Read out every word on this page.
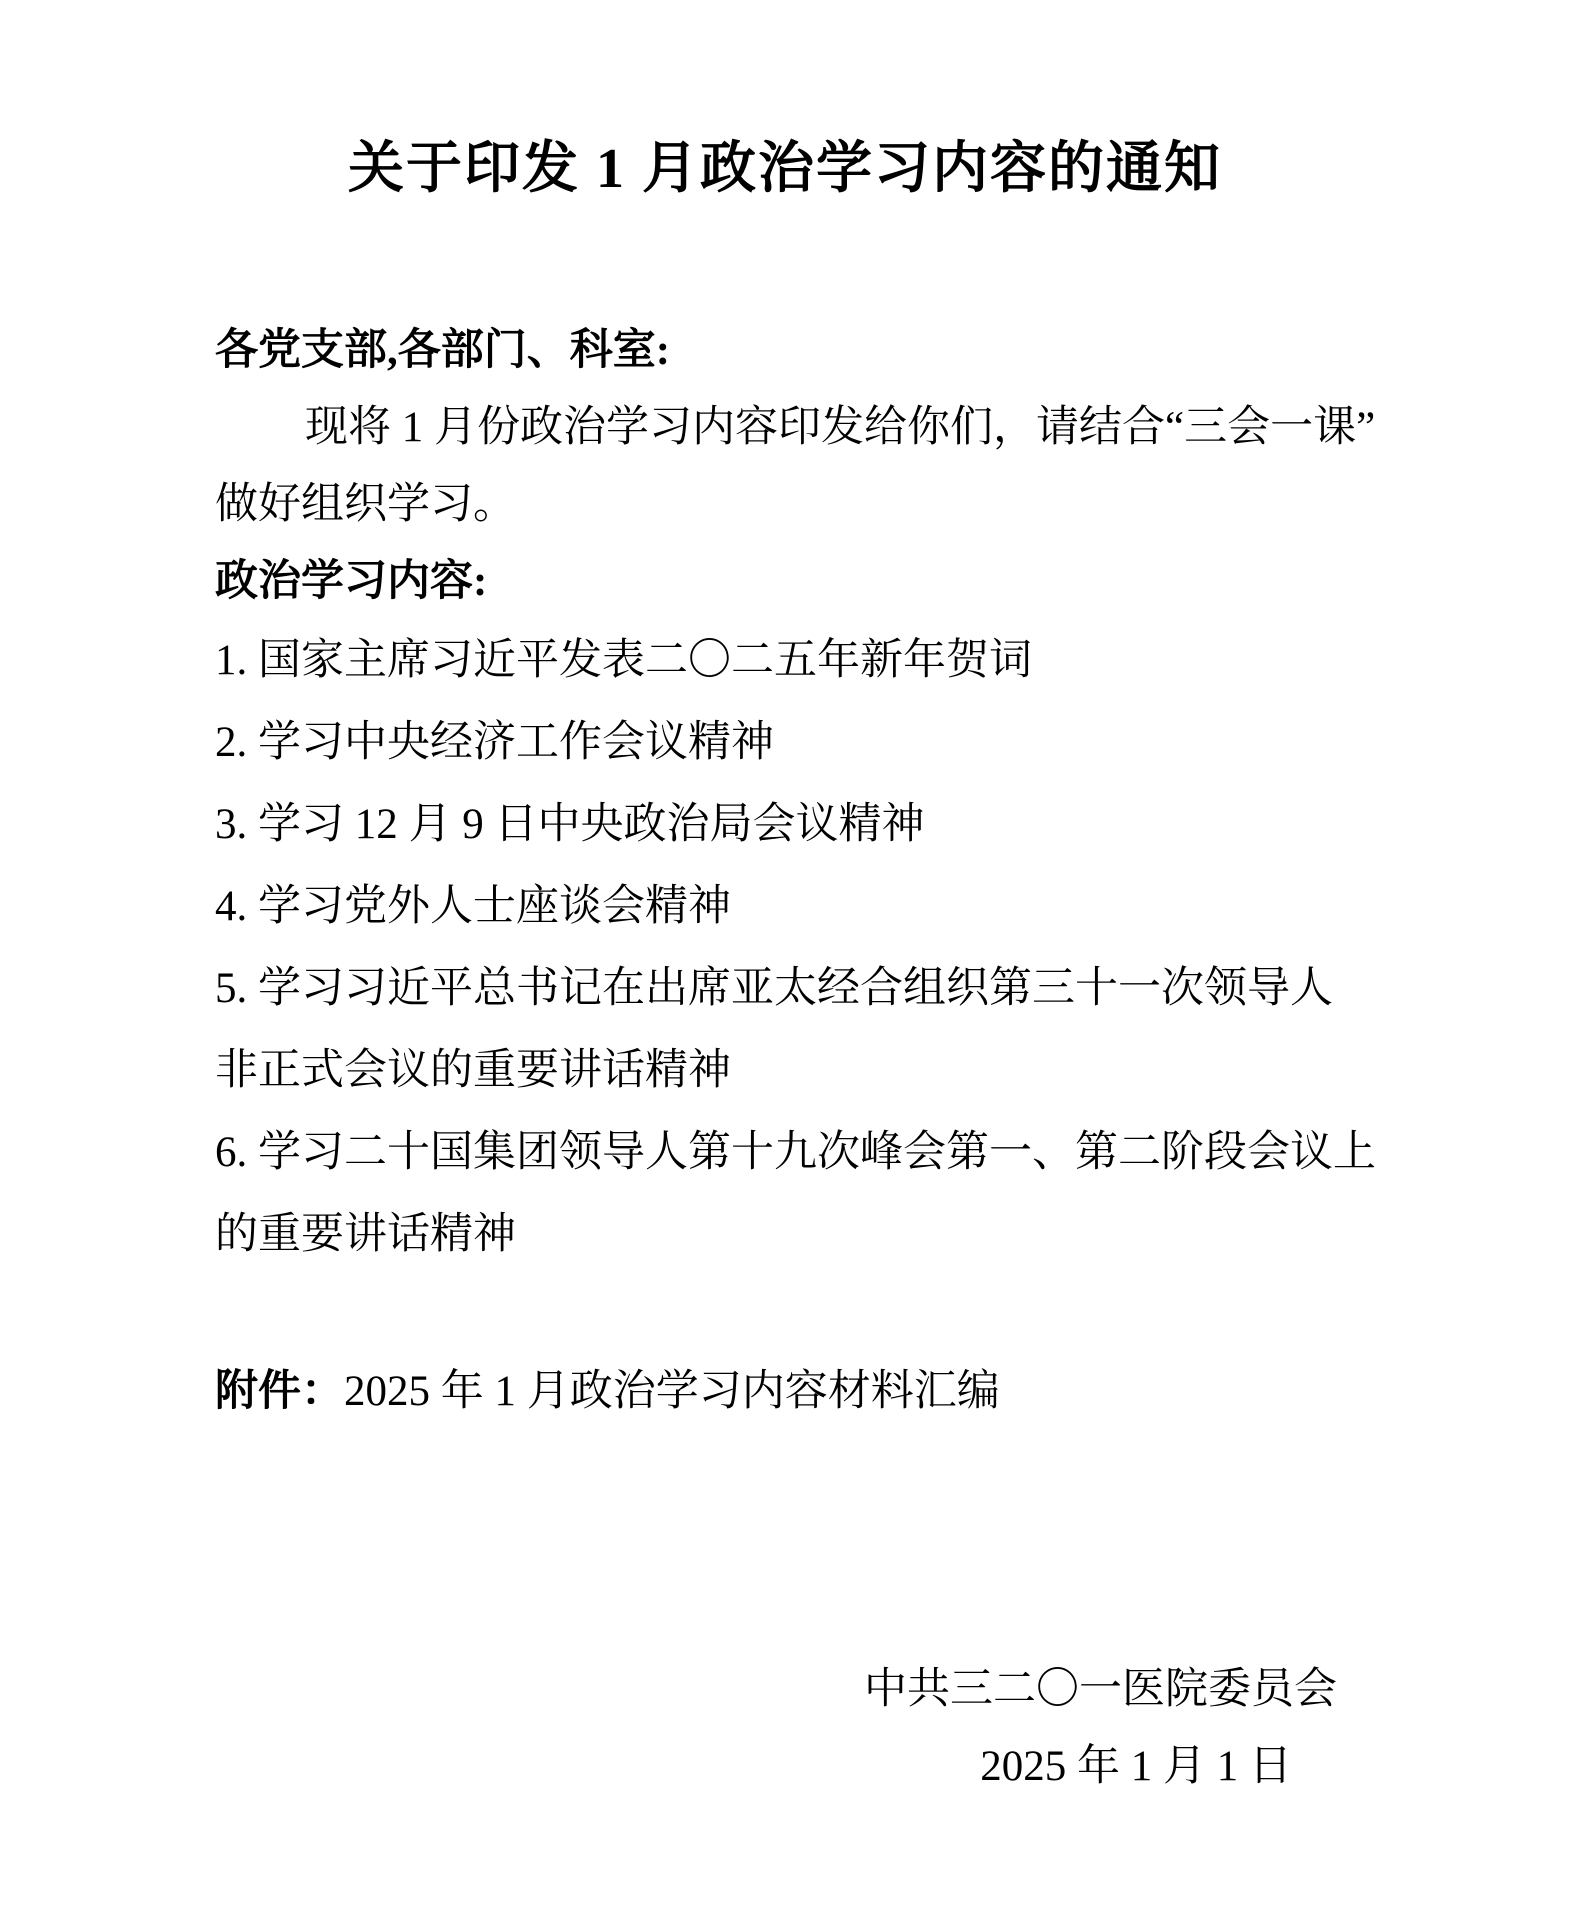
关于印发 1 月政治学习内容的通知
各党支部,各部门、科室:
现将 1 月份政治学习内容印发给你们，请结合“三会一课”
做好组织学习。
政治学习内容:
1. 国家主席习近平发表二〇二五年新年贺词
2. 学习中央经济工作会议精神
3. 学习 12 月 9 日中央政治局会议精神
4. 学习党外人士座谈会精神
5. 学习习近平总书记在出席亚太经合组织第三十一次领导人
非正式会议的重要讲话精神
6. 学习二十国集团领导人第十九次峰会第一、第二阶段会议上
的重要讲话精神
附件：2025 年 1 月政治学习内容材料汇编
中共三二〇一医院委员会
2025 年 1 月 1 日
